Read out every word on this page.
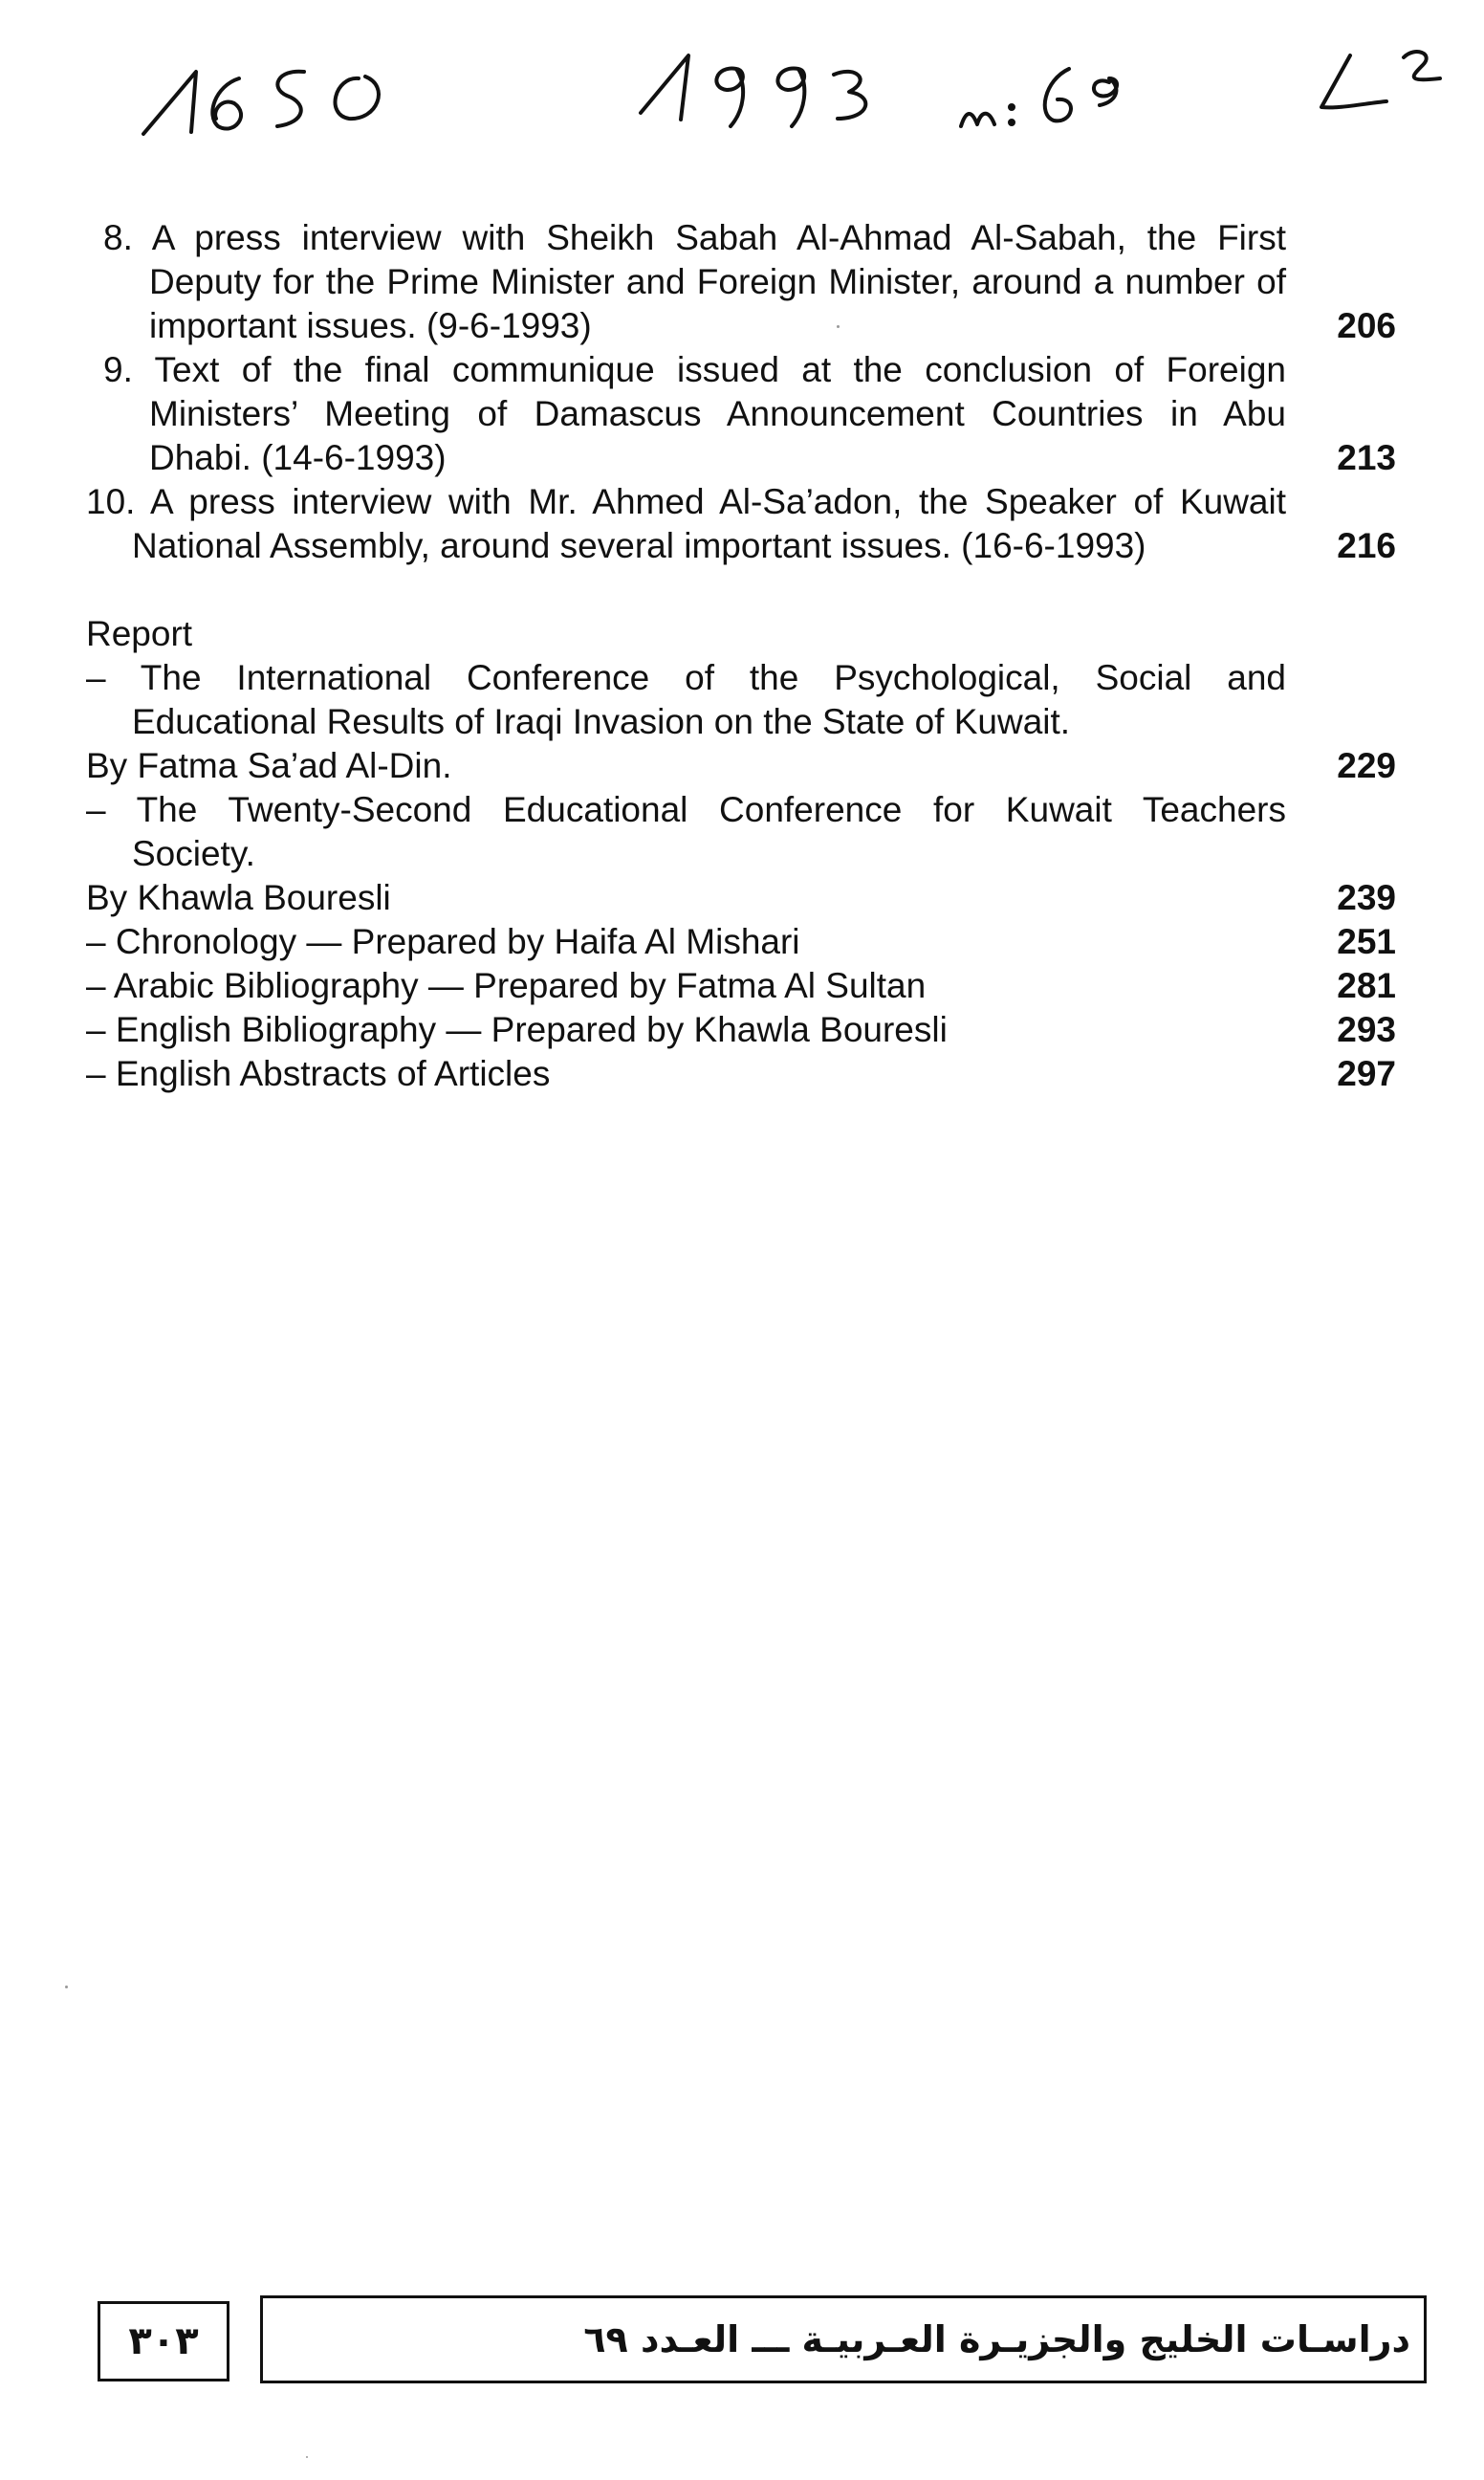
8. A press interview with Sheikh Sabah Al-Ahmad Al-Sabah, the First
Deputy for the Prime Minister and Foreign Minister, around a number of
important issues. (9-6-1993)	206
9. Text of the final communique issued at the conclusion of Foreign
Ministers’ Meeting of Damascus Announcement Countries in Abu
Dhabi. (14-6-1993)	213
10. A press interview with Mr. Ahmed Al-Sa’adon, the Speaker of Kuwait
National Assembly, around several important issues. (16-6-1993)	216
Report
– The International Conference of the Psychological, Social and
Educational Results of Iraqi Invasion on the State of Kuwait.
By Fatma Sa’ad Al-Din.	229
– The Twenty-Second Educational Conference for Kuwait Teachers
Society.
By Khawla Bouresli	239
– Chronology — Prepared by Haifa Al Mishari	251
– Arabic Bibliography — Prepared by Fatma Al Sultan	281
– English Bibliography — Prepared by Khawla Bouresli	293
– English Abstracts of Articles	297
٣٠٣	دراسـات الخليج والجزيـرة العـربيـة ـــ العـدد ٦٩
